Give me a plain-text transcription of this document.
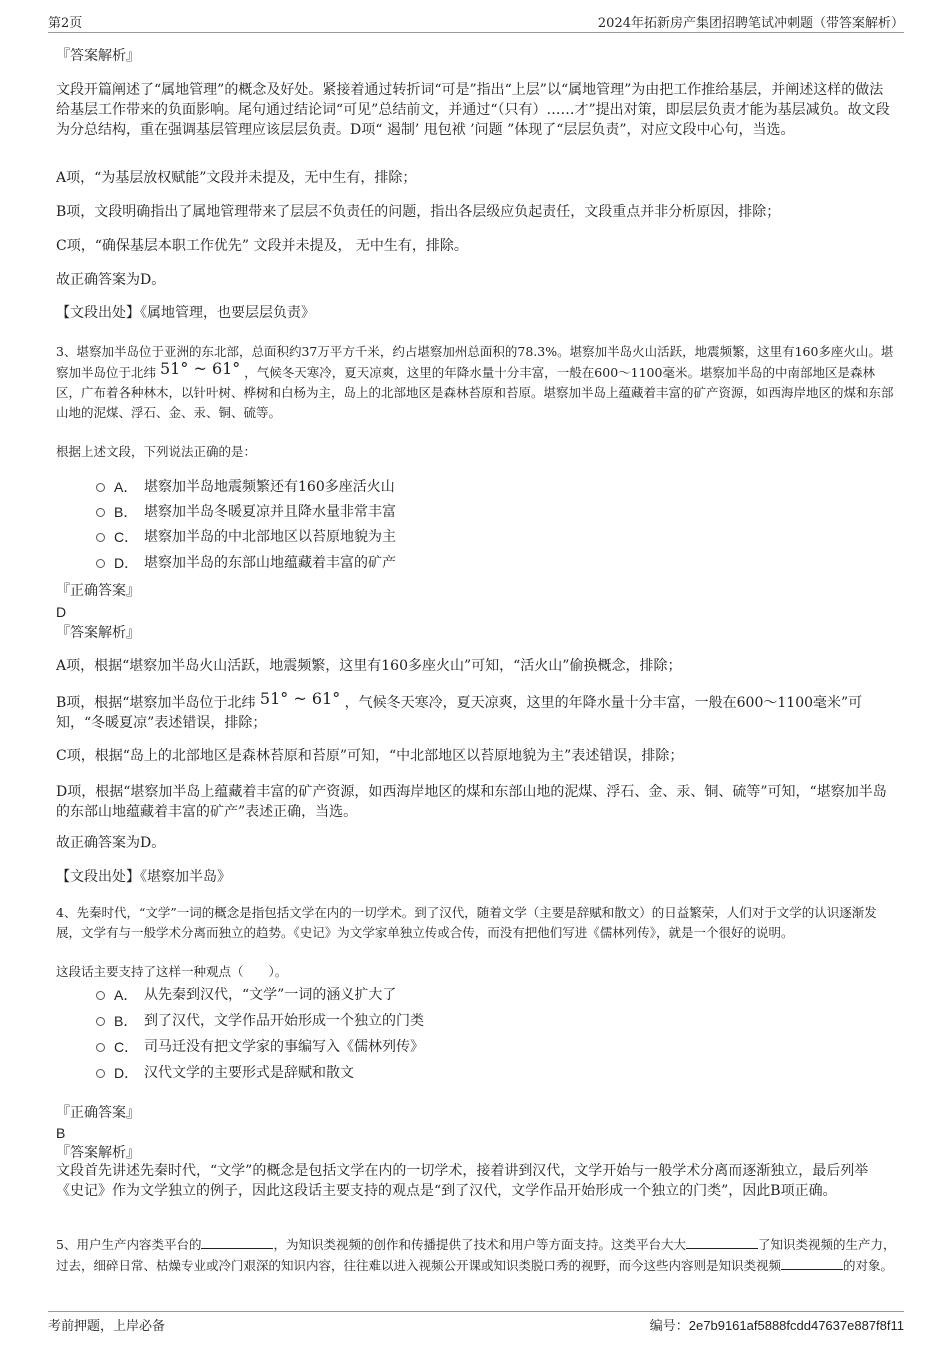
第2页	2024年拓新房产集团招聘笔试冲刺题（带答案解析）
『答案解析』

文段开篇阐述了“属地管理”的概念及好处。紧接着通过转折词“可是”指出“上层”以“属地管理”为由把工作推给基层，并阐述这样的做法给基层工作带来的负面影响。尾句通过结论词“可见”总结前文，并通过“（只有）……才”提出对策，即层层负责才能为基层减负。故文段为分总结构，重在强调基层管理应该层层负责。D项“ 遏制’ 甩包袱 ’问题 ”体现了“层层负责”，对应文段中心句，当选。

A项，“为基层放权赋能”文段并未提及，无中生有，排除；

B项，文段明确指出了属地管理带来了层层不负责任的问题，指出各层级应负起责任，文段重点并非分析原因，排除；

C项，“确保基层本职工作优先” 文段并未提及， 无中生有，排除。

故正确答案为D。

【文段出处】《属地管理，也要层层负责》

3、堪察加半岛位于亚洲的东北部，总面积约37万平方千米，约占堪察加州总面积的78.3%。堪察加半岛火山活跃，地震频繁，这里有160多座火山。堪察加半岛位于北纬 51° ~ 61° ，气候冬天寒冷，夏天凉爽，这里的年降水量十分丰富，一般在600～1100毫米。堪察加半岛的中南部地区是森林区，广布着各种林木，以针叶树、桦树和白杨为主，岛上的北部地区是森林苔原和苔原。堪察加半岛上蕴藏着丰富的矿产资源，如西海岸地区的煤和东部山地的泥煤、浮石、金、汞、铜、硫等。

根据上述文段，下列说法正确的是：

A． 堪察加半岛地震频繁还有160多座活火山
B． 堪察加半岛冬暖夏凉并且降水量非常丰富
C． 堪察加半岛的中北部地区以苔原地貌为主
D． 堪察加半岛的东部山地蕴藏着丰富的矿产
『正确答案』
D
『答案解析』

A项，根据“堪察加半岛火山活跃，地震频繁，这里有160多座火山”可知，“活火山”偷换概念，排除；

B项，根据“堪察加半岛位于北纬 51° ~ 61° ，气候冬天寒冷，夏天凉爽，这里的年降水量十分丰富，一般在600～1100毫米”可知，“冬暖夏凉”表述错误，排除；

C项，根据“岛上的北部地区是森林苔原和苔原”可知，“中北部地区以苔原地貌为主”表述错误，排除；

D项，根据“堪察加半岛上蕴藏着丰富的矿产资源，如西海岸地区的煤和东部山地的泥煤、浮石、金、汞、铜、硫等”可知，“堪察加半岛的东部山地蕴藏着丰富的矿产”表述正确，当选。

故正确答案为D。

【文段出处】《堪察加半岛》

4、先秦时代，“文学”一词的概念是指包括文学在内的一切学术。到了汉代，随着文学（主要是辞赋和散文）的日益繁荣，人们对于文学的认识逐渐发展，文学有与一般学术分离而独立的趋势。《史记》为文学家单独立传或合传，而没有把他们写进《儒林列传》，就是一个很好的说明。

这段话主要支持了这样一种观点（　　）。

A． 从先秦到汉代，“文学”一词的涵义扩大了
B． 到了汉代，文学作品开始形成一个独立的门类
C． 司马迁没有把文学家的事编写入《儒林列传》
D． 汉代文学的主要形式是辞赋和散文
『正确答案』
B
『答案解析』

文段首先讲述先秦时代，“文学”的概念是包括文学在内的一切学术，接着讲到汉代，文学开始与一般学术分离而逐渐独立，最后列举《史记》作为文学独立的例子，因此这段话主要支持的观点是“到了汉代，文学作品开始形成一个独立的门类”，因此B项正确。

5、用户生产内容类平台的	，为知识类视频的创作和传播提供了技术和用户等方面支持。这类平台大大	了知识类视频的生产力，过去，细碎日常、枯燥专业或冷门艰深的知识内容，往往难以进入视频公开课或知识类脱口秀的视野，而今这些内容则是知识类视频	的对象。

考前押题，上岸必备	编号：2e7b9161af5888fcdd47637e887f8f11
